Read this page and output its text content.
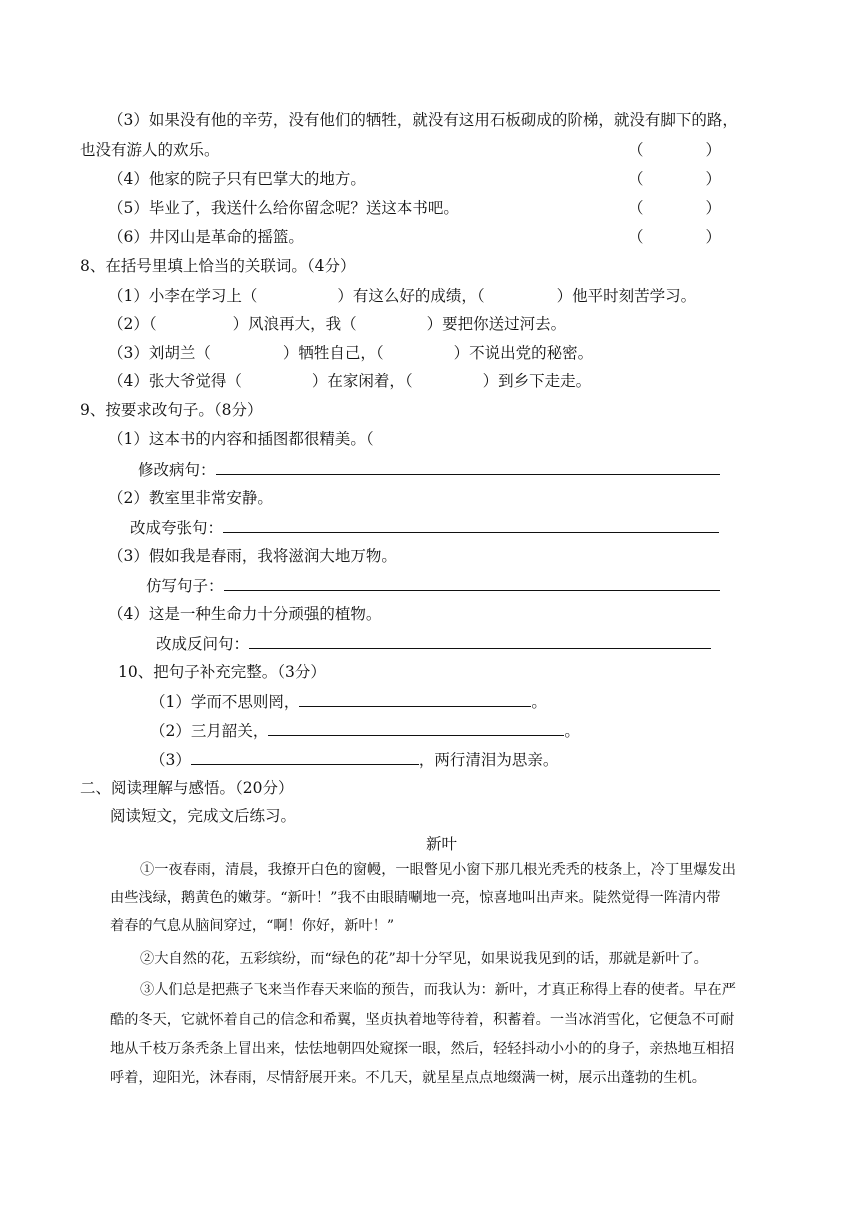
（3）如果没有他的辛劳，没有他们的牺牲，就没有这用石板砌成的阶梯，就没有脚下的路，
也没有游人的欢乐。	（　　　　）
（4）他家的院子只有巴掌大的地方。	（　　　　）
（5）毕业了，我送什么给你留念呢？送这本书吧。	（　　　　）
（6）井冈山是革命的摇篮。	（　　　　）
8、在括号里填上恰当的关联词。（4分）
（1）小李在学习上（	）有这么好的成绩，（	）他平时刻苦学习。
（2）（	）风浪再大，我（	）要把你送过河去。
（3）刘胡兰（	）牺牲自己，（	）不说出党的秘密。
（4）张大爷觉得（	）在家闲着，（	）到乡下走走。
9、按要求改句子。（8分）
（1）这本书的内容和插图都很精美。（
修改病句：
（2）教室里非常安静。
改成夸张句：
（3）假如我是春雨，我将滋润大地万物。
仿写句子：
（4）这是一种生命力十分顽强的植物。
改成反问句：
10、把句子补充完整。（3分）
（1）学而不思则罔，	。
（2）三月韶关，	。
（3）	，两行清泪为思亲。
二、阅读理解与感悟。（20分）
阅读短文，完成文后练习。
新叶
①一夜春雨，清晨，我撩开白色的窗幔，一眼瞥见小窗下那几根光秃秃的枝条上，冷丁里爆发出
由些浅绿，鹅黄色的嫩芽。“新叶！”我不由眼睛唰地一亮，惊喜地叫出声来。陡然觉得一阵清内带
着春的气息从脑间穿过，“啊！你好，新叶！”
②大自然的花，五彩缤纷，而“绿色的花”却十分罕见，如果说我见到的话，那就是新叶了。
③人们总是把燕子飞来当作春天来临的预告，而我认为：新叶，才真正称得上春的使者。早在严
酷的冬天，它就怀着自己的信念和希翼，坚贞执着地等待着，积蓄着。一当冰消雪化，它便急不可耐
地从千枝万条秃条上冒出来，怯怯地朝四处窥探一眼，然后，轻轻抖动小小的的身子，亲热地互相招
呼着，迎阳光，沐春雨，尽情舒展开来。不几天，就星星点点地缀满一树，展示出蓬勃的生机。
